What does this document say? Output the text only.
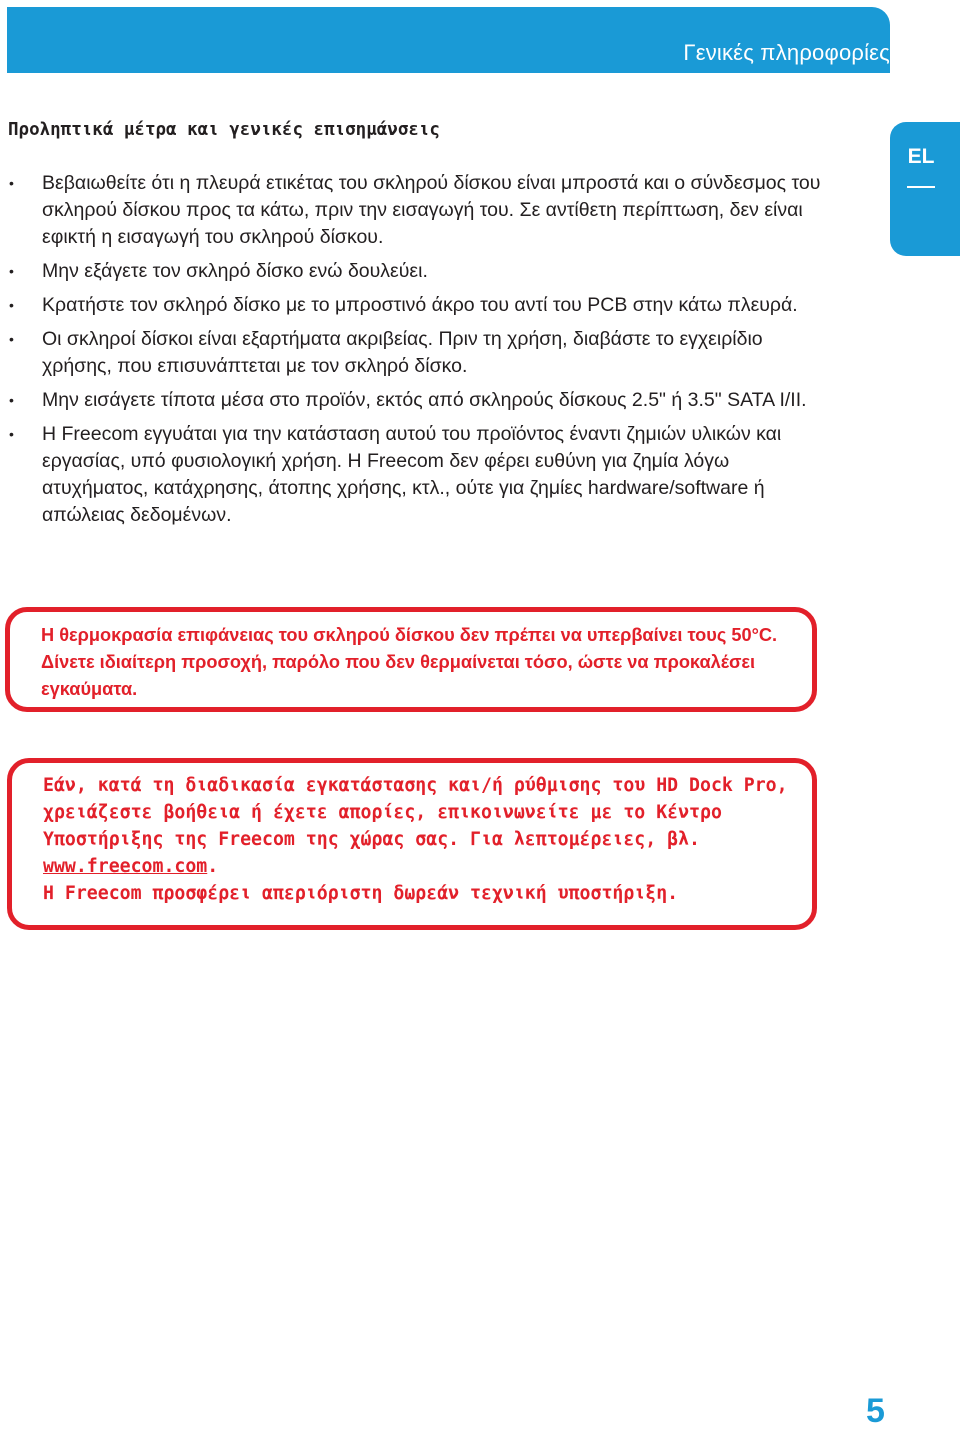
Γενικές πληροφορίες
EL
Προληπτικά μέτρα και γενικές επισημάνσεις
• Βεβαιωθείτε ότι η πλευρά ετικέτας του σκληρού δίσκου είναι μπροστά και ο σύνδεσμος του σκληρού δίσκου προς τα κάτω, πριν την εισαγωγή του. Σε αντίθετη περίπτωση, δεν είναι εφικτή η εισαγωγή του σκληρού δίσκου.
• Μην εξάγετε τον σκληρό δίσκο ενώ δουλεύει.
• Κρατήστε τον σκληρό δίσκο με το μπροστινό άκρο του αντί του PCB στην κάτω πλευρά.
• Οι σκληροί δίσκοι είναι εξαρτήματα ακριβείας. Πριν τη χρήση, διαβάστε το εγχειρίδιο χρήσης, που επισυνάπτεται με τον σκληρό δίσκο.
• Μην εισάγετε τίποτα μέσα στο προϊόν, εκτός από σκληρούς δίσκους 2.5" ή 3.5" SATA I/II.
• Η Freecom εγγυάται για την κατάσταση αυτού του προϊόντος έναντι ζημιών υλικών και εργασίας, υπό φυσιολογική χρήση. Η Freecom δεν φέρει ευθύνη για ζημία λόγω ατυχήματος, κατάχρησης, άτοπης χρήσης, κτλ., ούτε για ζημίες hardware/software ή απώλειας δεδομένων.

Η θερμοκρασία επιφάνειας του σκληρού δίσκου δεν πρέπει να υπερβαίνει τους 50°C. Δίνετε ιδιαίτερη προσοχή, παρόλο που δεν θερμαίνεται τόσο, ώστε να προκαλέσει εγκαύματα.

Εάν, κατά τη διαδικασία εγκατάστασης και/ή ρύθμισης του HD Dock Pro, χρειάζεστε βοήθεια ή έχετε απορίες, επικοινωνείτε με το Κέντρο Υποστήριξης της Freecom της χώρας σας. Για λεπτομέρειες, βλ. www.freecom.com.
Η Freecom προσφέρει απεριόριστη δωρεάν τεχνική υποστήριξη.

5
